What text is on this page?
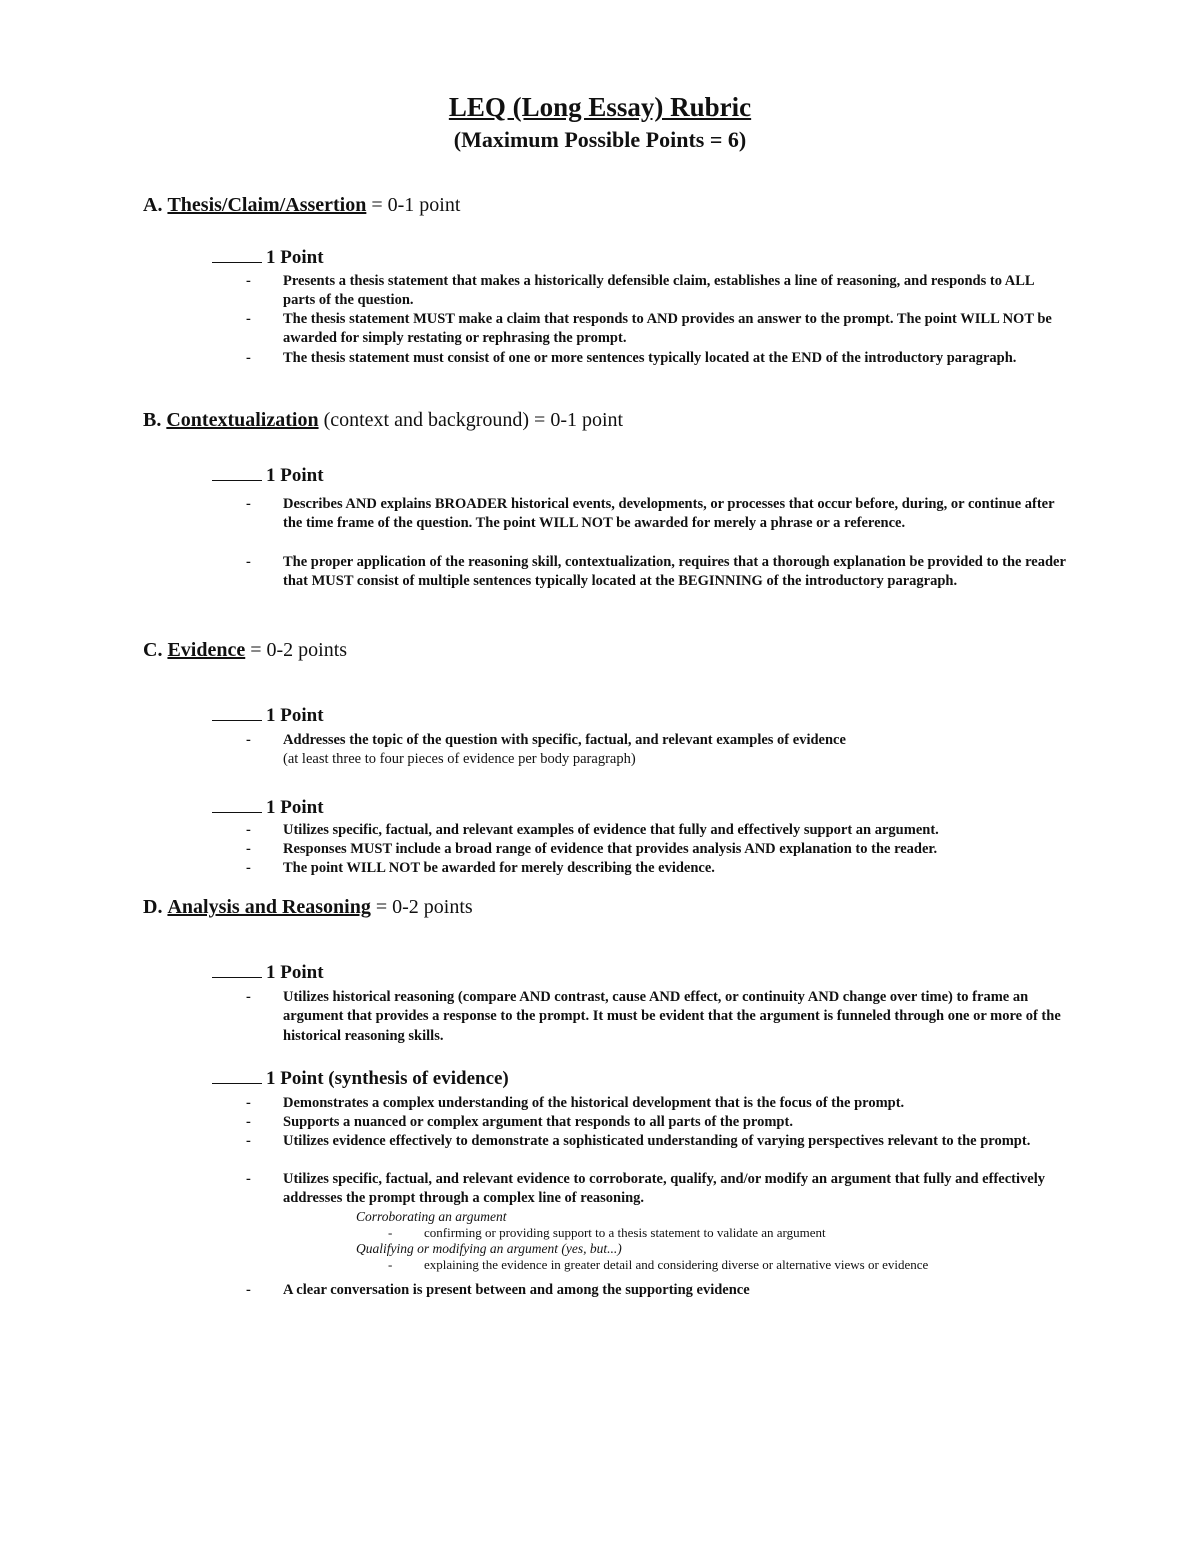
LEQ (Long Essay) Rubric
(Maximum Possible Points = 6)
A. Thesis/Claim/Assertion = 0-1 point
1 Point
- Presents a thesis statement that makes a historically defensible claim, establishes a line of reasoning, and responds to ALL parts of the question.
- The thesis statement MUST make a claim that responds to AND provides an answer to the prompt. The point WILL NOT be awarded for simply restating or rephrasing the prompt.
- The thesis statement must consist of one or more sentences typically located at the END of the introductory paragraph.
B. Contextualization (context and background) = 0-1 point
1 Point
- Describes AND explains BROADER historical events, developments, or processes that occur before, during, or continue after the time frame of the question. The point WILL NOT be awarded for merely a phrase or a reference.
- The proper application of the reasoning skill, contextualization, requires that a thorough explanation be provided to the reader that MUST consist of multiple sentences typically located at the BEGINNING of the introductory paragraph.
C. Evidence = 0-2 points
1 Point
- Addresses the topic of the question with specific, factual, and relevant examples of evidence
(at least three to four pieces of evidence per body paragraph)
1 Point
- Utilizes specific, factual, and relevant examples of evidence that fully and effectively support an argument.
- Responses MUST include a broad range of evidence that provides analysis AND explanation to the reader.
- The point WILL NOT be awarded for merely describing the evidence.
D. Analysis and Reasoning = 0-2 points
1 Point
- Utilizes historical reasoning (compare AND contrast, cause AND effect, or continuity AND change over time) to frame an argument that provides a response to the prompt. It must be evident that the argument is funneled through one or more of the historical reasoning skills.
1 Point (synthesis of evidence)
- Demonstrates a complex understanding of the historical development that is the focus of the prompt.
- Supports a nuanced or complex argument that responds to all parts of the prompt.
- Utilizes evidence effectively to demonstrate a sophisticated understanding of varying perspectives relevant to the prompt.
- Utilizes specific, factual, and relevant evidence to corroborate, qualify, and/or modify an argument that fully and effectively addresses the prompt through a complex line of reasoning.
Corroborating an argument
- confirming or providing support to a thesis statement to validate an argument
Qualifying or modifying an argument (yes, but...)
- explaining the evidence in greater detail and considering diverse or alternative views or evidence
- A clear conversation is present between and among the supporting evidence
